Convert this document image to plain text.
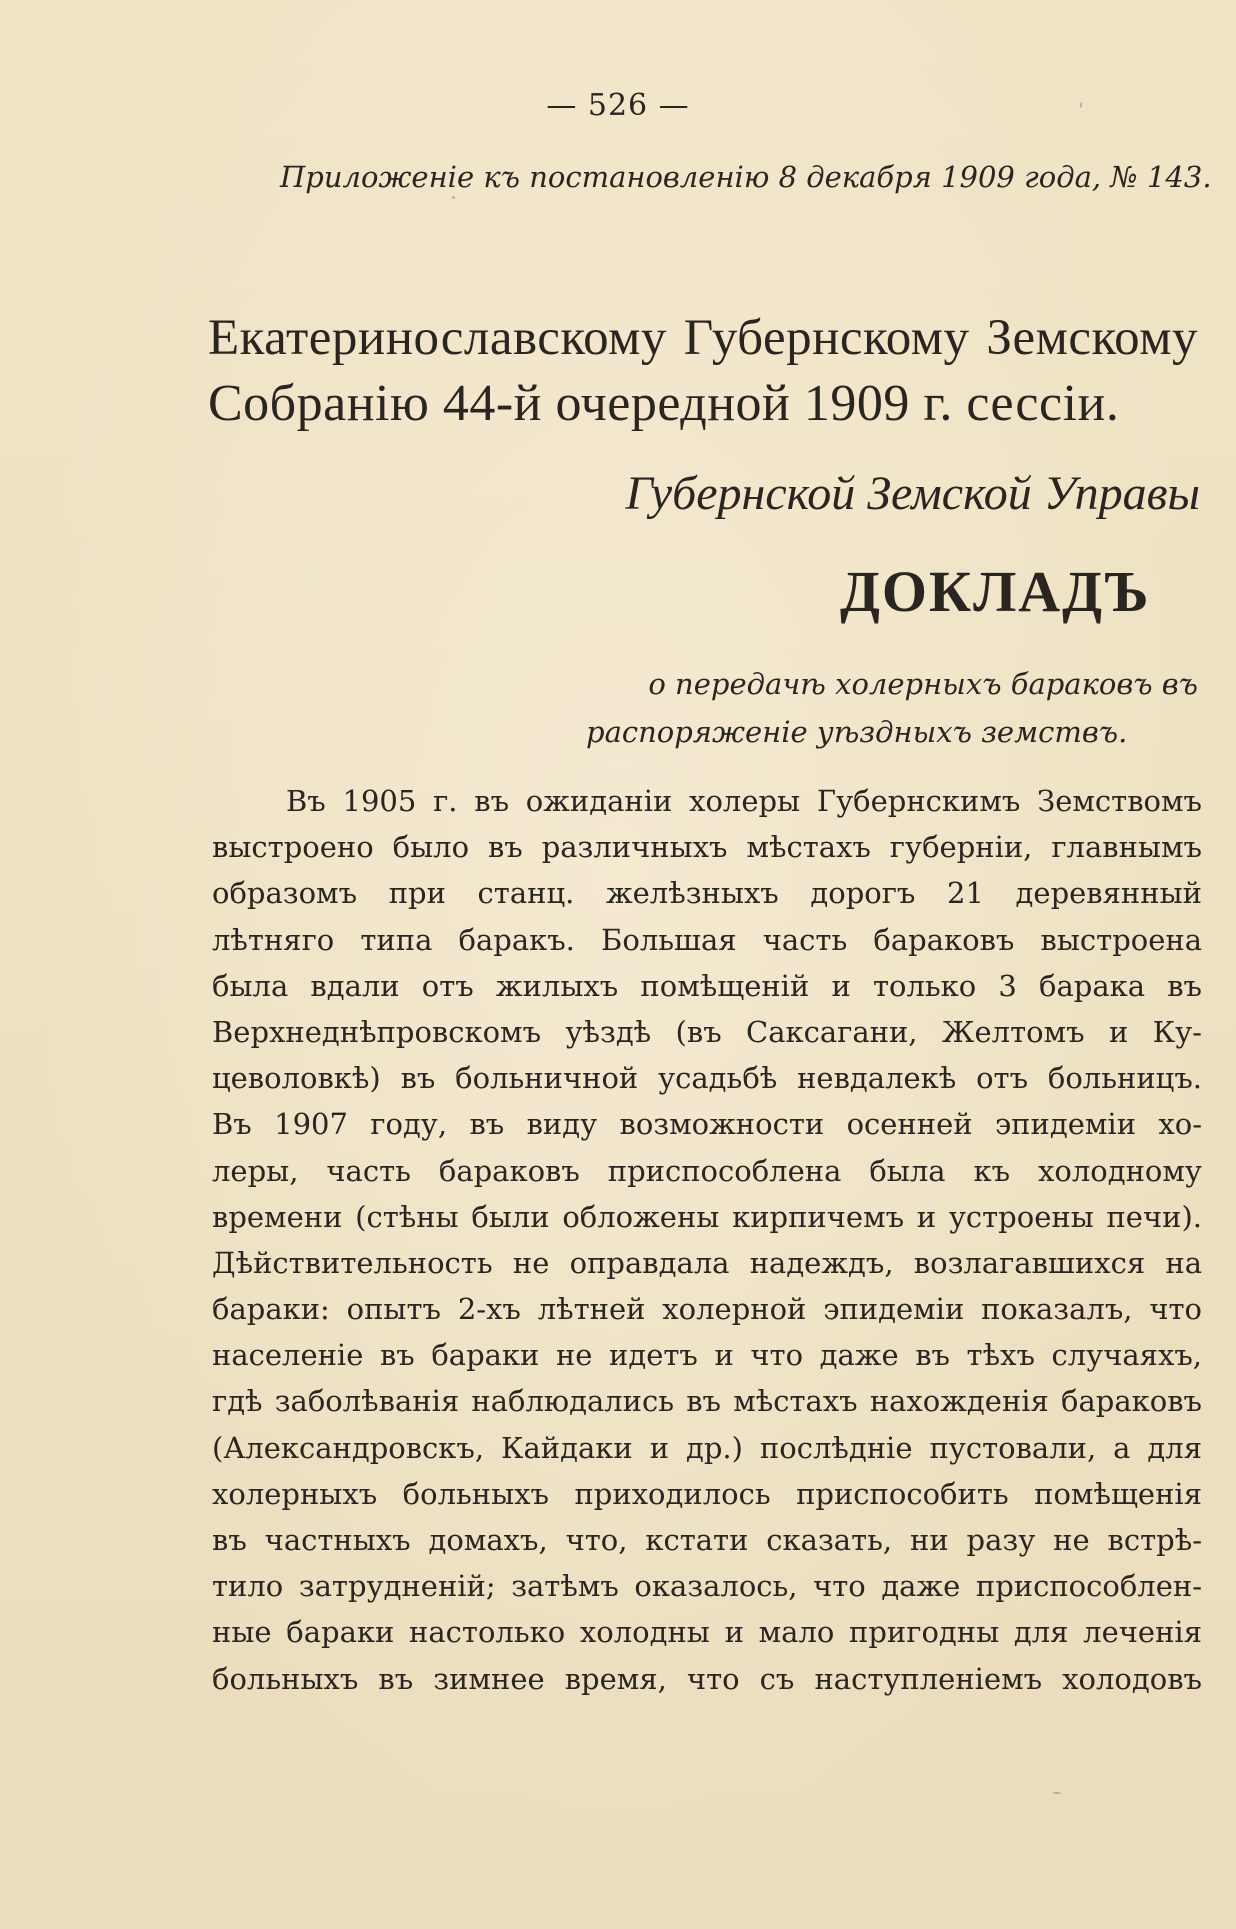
— 526 —
Приложеніе къ постановленію 8 декабря 1909 года, № 143.
Екатеринославскому Губернскому Земскому
Собранію 44-й очередной 1909 г. сессіи.
Губернской Земской Управы
ДОКЛАДЪ
о передачѣ холерныхъ бараковъ въ
распоряженіе уѣздныхъ земствъ.
Въ 1905 г. въ ожиданіи холеры Губернскимъ Земствомъ
выстроено было въ различныхъ мѣстахъ губерніи, главнымъ
образомъ при станц. желѣзныхъ дорогъ 21 деревянный
лѣтняго типа баракъ. Большая часть бараковъ выстроена
была вдали отъ жилыхъ помѣщеній и только 3 барака въ
Верхнеднѣпровскомъ уѣздѣ (въ Саксагани, Желтомъ и Ку-
цеволовкѣ) въ больничной усадьбѣ невдалекѣ отъ больницъ.
Въ 1907 году, въ виду возможности осенней эпидеміи хо-
леры, часть бараковъ приспособлена была къ холодному
времени (стѣны были обложены кирпичемъ и устроены печи).
Дѣйствительность не оправдала надеждъ, возлагавшихся на
бараки: опытъ 2-хъ лѣтней холерной эпидеміи показалъ, что
населеніе въ бараки не идетъ и что даже въ тѣхъ случаяхъ,
гдѣ заболѣванія наблюдались въ мѣстахъ нахожденія бараковъ
(Александровскъ, Кайдаки и др.) послѣдніе пустовали, а для
холерныхъ больныхъ приходилось приспособить помѣщенія
въ частныхъ домахъ, что, кстати сказать, ни разу не встрѣ-
тило затрудненій; затѣмъ оказалось, что даже приспособлен-
ные бараки настолько холодны и мало пригодны для леченія
больныхъ въ зимнее время, что съ наступленіемъ холодовъ
